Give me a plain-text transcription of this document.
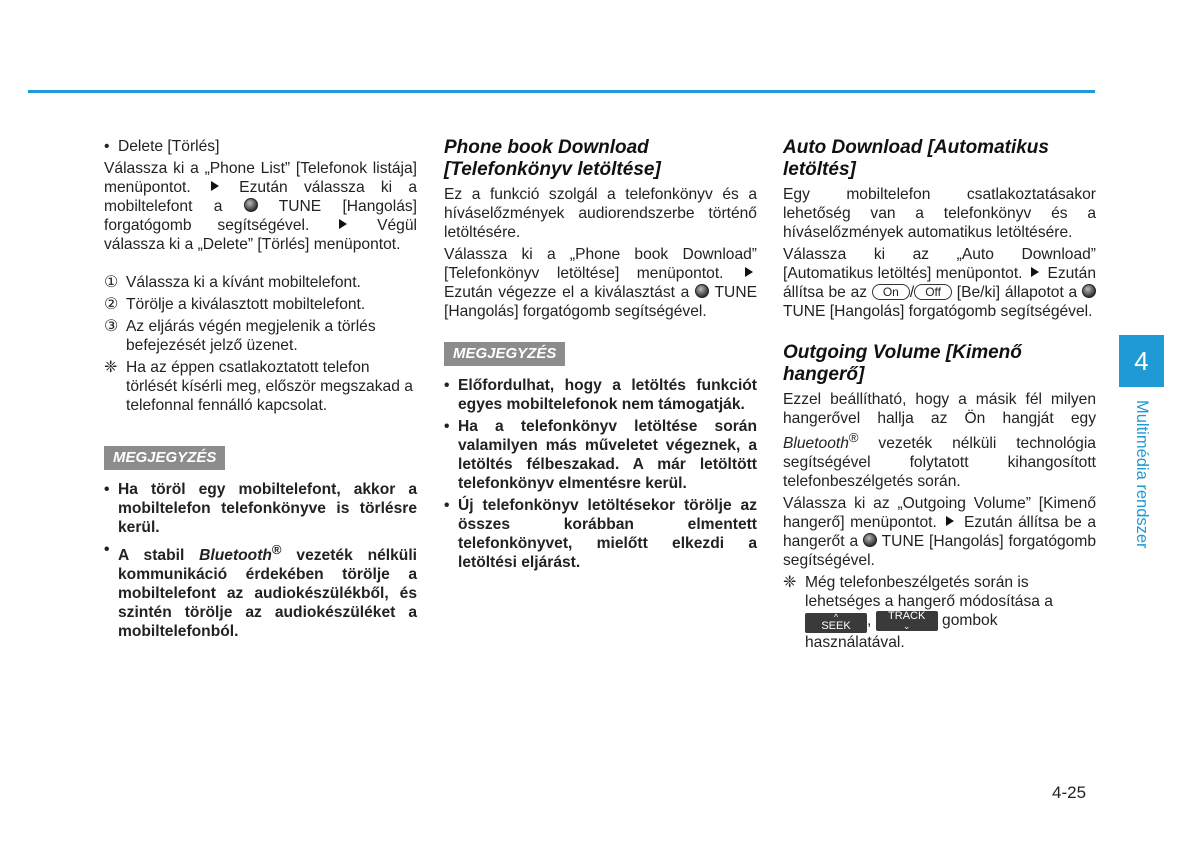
• Delete [Törlés]

Válassza ki a „Phone List” [Telefonok listája] menüpontot.	Ezután válassza ki a mobiltelefont a	TUNE [Hangolás] forgatógomb segítségével.	Végül válassza ki a „Delete” [Törlés] menüpontot.

① Válassza ki a kívánt mobiltelefont.
② Törölje a kiválasztott mobiltelefont.
③ Az eljárás végén megjelenik a törlés befejezését jelző üzenet.
❈ Ha az éppen csatlakoztatott telefon törlését kísérli meg, először megszakad a telefonnal fennálló kapcsolat.
MEGJEGYZÉS
• Ha töröl egy mobiltelefont, akkor a mobiltelefon telefonkönyve is törlésre kerül.
• A stabil Bluetooth® vezeték nélküli kommunikáció érdekében törölje a mobiltelefont az audiokészülékből, és szintén törölje az audiokészüléket a mobiltelefonból.
Phone book Download [Telefonkönyv letöltése]

Ez a funkció szolgál a telefonkönyv és a híváselőzmények audiorendszerbe történő letöltésére.

Válassza ki a „Phone book Download” [Telefonkönyv letöltése] menüpontot.  Ezután végezze el a kiválasztást a TUNE [Hangolás] forgatógomb segítségével.

MEGJEGYZÉS
• Előfordulhat, hogy a letöltés funkciót egyes mobiltelefonok nem támogatják.
• Ha a telefonkönyv letöltése során valamilyen más műveletet végeznek, a letöltés félbeszakad. A már letöltött telefonkönyv elmentésre kerül.
• Új telefonkönyv letöltésekor törölje az összes korábban elmentett telefonkönyvet, mielőtt elkezdi a letöltési eljárást.
Auto Download [Automatikus letöltés]

Egy mobiltelefon csatlakoztatásakor lehetőség van a telefonkönyv és a híváselőzmények automatikus letöltésére.

Válassza ki az „Auto Download” [Automatikus letöltés] menüpontot. Ezután állítsa be az On / Off [Be/ki] állapotot a  TUNE [Hangolás] forgatógomb segítségével.

Outgoing Volume [Kimenő hangerő]

Ezzel beállítható, hogy a másik fél milyen hangerővel hallja az Ön hangját egy Bluetooth® vezeték nélküli technológia segítségével folytatott kihangosított telefonbeszélgetés során.

Válassza ki az „Outgoing Volume” [Kimenő hangerő] menüpontot. Ezután állítsa be a hangerőt a TUNE [Hangolás] forgatógomb segítségével.

❈ Még telefonbeszélgetés során is lehetséges a hangerő módosítása a
^
SEEK , TRACK
⌄	gombok használatával.
4
Multimédia rendszer
4-25
